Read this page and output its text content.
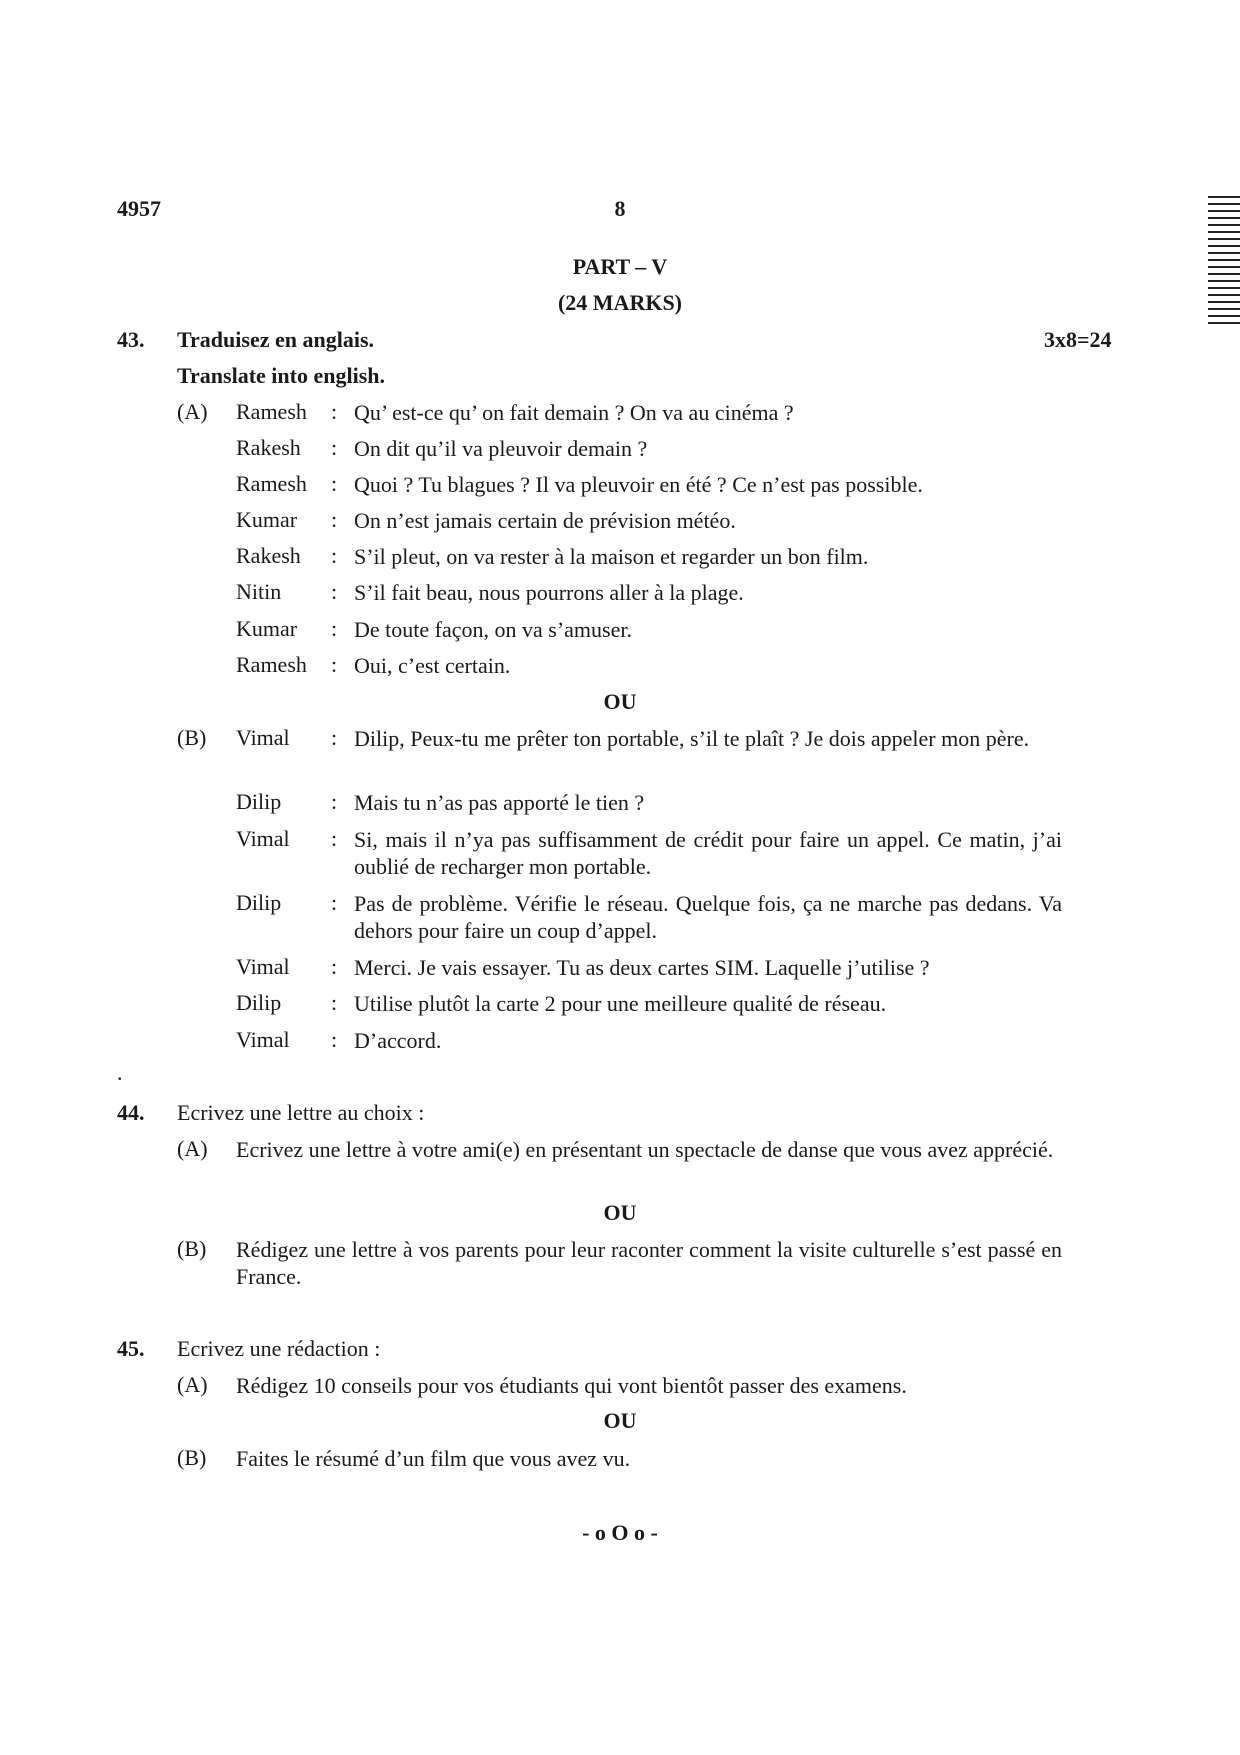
4957	8
PART – V
(24 MARKS)
43. Traduisez en anglais.	3x8=24
Translate into english.
(A) Ramesh : Qu’ est-ce qu’ on fait demain ? On va au cinéma ?
Rakesh : On dit qu’il va pleuvoir demain ?
Ramesh : Quoi ? Tu blagues ? Il va pleuvoir en été ? Ce n’est pas possible.
Kumar : On n’est jamais certain de prévision météo.
Rakesh : S’il pleut, on va rester à la maison et regarder un bon film.
Nitin : S’il fait beau, nous pourrons aller à la plage.
Kumar : De toute façon, on va s’amuser.
Ramesh : Oui, c’est certain.
OU
(B) Vimal : Dilip, Peux-tu me prêter ton portable, s’il te plaît ? Je dois appeler mon père.
Dilip : Mais tu n’as pas apporté le tien ?
Vimal : Si, mais il n’ya pas suffisamment de crédit pour faire un appel. Ce matin, j’ai oublié de recharger mon portable.
Dilip : Pas de problème. Vérifie le réseau. Quelque fois, ça ne marche pas dedans. Va dehors pour faire un coup d’appel.
Vimal : Merci. Je vais essayer. Tu as deux cartes SIM. Laquelle j’utilise ?
Dilip : Utilise plutôt la carte 2 pour une meilleure qualité de réseau.
Vimal : D’accord.
.
44. Ecrivez une lettre au choix :
(A) Ecrivez une lettre à votre ami(e) en présentant un spectacle de danse que vous avez apprécié.
OU
(B) Rédigez une lettre à vos parents pour leur raconter comment la visite culturelle s’est passé en France.
45. Ecrivez une rédaction :
(A) Rédigez 10 conseils pour vos étudiants qui vont bientôt passer des examens.
OU
(B) Faites le résumé d’un film que vous avez vu.
- o O o -
